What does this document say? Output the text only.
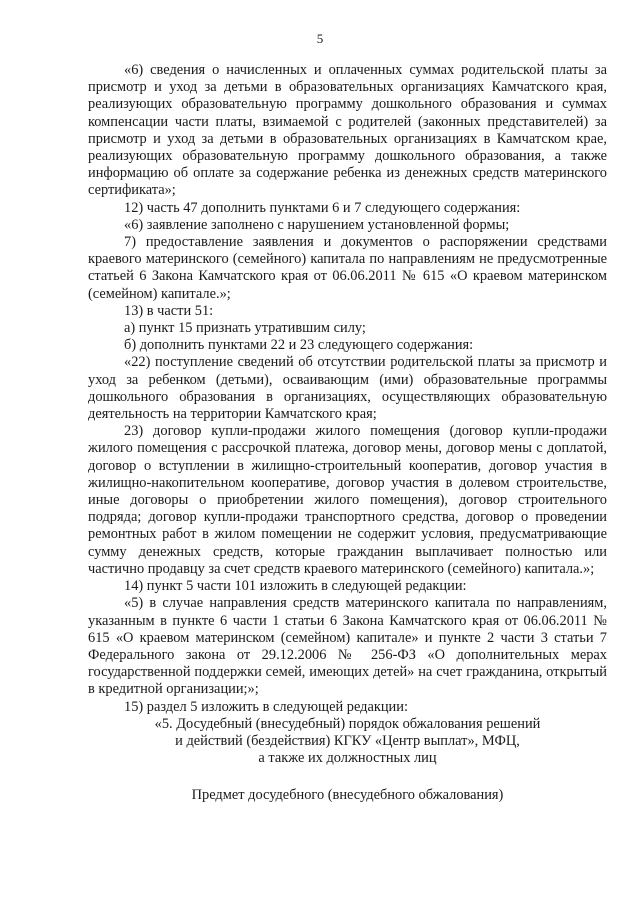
5

«6) сведения о начисленных и оплаченных суммах родительской платы за присмотр и уход за детьми в образовательных организациях Камчатского края, реализующих образовательную программу дошкольного образования и суммах компенсации части платы, взимаемой с родителей (законных представителей) за присмотр и уход за детьми в образовательных организациях в Камчатском крае, реализующих образовательную программу дошкольного образования, а также информацию об оплате за содержание ребенка из денежных средств материнского сертификата»;

12) часть 47 дополнить пунктами 6 и 7 следующего содержания:

«6) заявление заполнено с нарушением установленной формы;

7) предоставление заявления и документов о распоряжении средствами краевого материнского (семейного) капитала по направлениям не предусмотренные статьей 6 Закона Камчатского края от 06.06.2011 № 615 «О краевом материнском (семейном) капитале.»;

13) в части 51:

а) пункт 15 признать утратившим силу;

б) дополнить пунктами 22 и 23 следующего содержания:

«22) поступление сведений об отсутствии родительской платы за присмотр и уход за ребенком (детьми), осваивающим (ими) образовательные программы дошкольного образования в организациях, осуществляющих образовательную деятельность на территории Камчатского края;

23) договор купли-продажи жилого помещения (договор купли-продажи жилого помещения с рассрочкой платежа, договор мены, договор мены с доплатой, договор о вступлении в жилищно-строительный кооператив, договор участия в жилищно-накопительном кооперативе, договор участия в долевом строительстве, иные договоры о приобретении жилого помещения), договор строительного подряда; договор купли-продажи транспортного средства, договор о проведении ремонтных работ в жилом помещении не содержит условия, предусматривающие сумму денежных средств, которые гражданин выплачивает полностью или частично продавцу за счет средств краевого материнского (семейного) капитала.»;

14) пункт 5 части 101 изложить в следующей редакции:

«5) в случае направления средств материнского капитала по направлениям, указанным в пункте 6 части 1 статьи 6 Закона Камчатского края от 06.06.2011 № 615 «О краевом материнском (семейном) капитале» и пункте 2 части 3 статьи 7 Федерального закона от 29.12.2006 № 256-ФЗ «О дополнительных мерах государственной поддержки семей, имеющих детей» на счет гражданина, открытый в кредитной организации;»;

15) раздел 5 изложить в следующей редакции:

«5. Досудебный (внесудебный) порядок обжалования решений

и действий (бездействия) КГКУ «Центр выплат», МФЦ,

а также их должностных лиц

Предмет досудебного (внесудебного обжалования)
